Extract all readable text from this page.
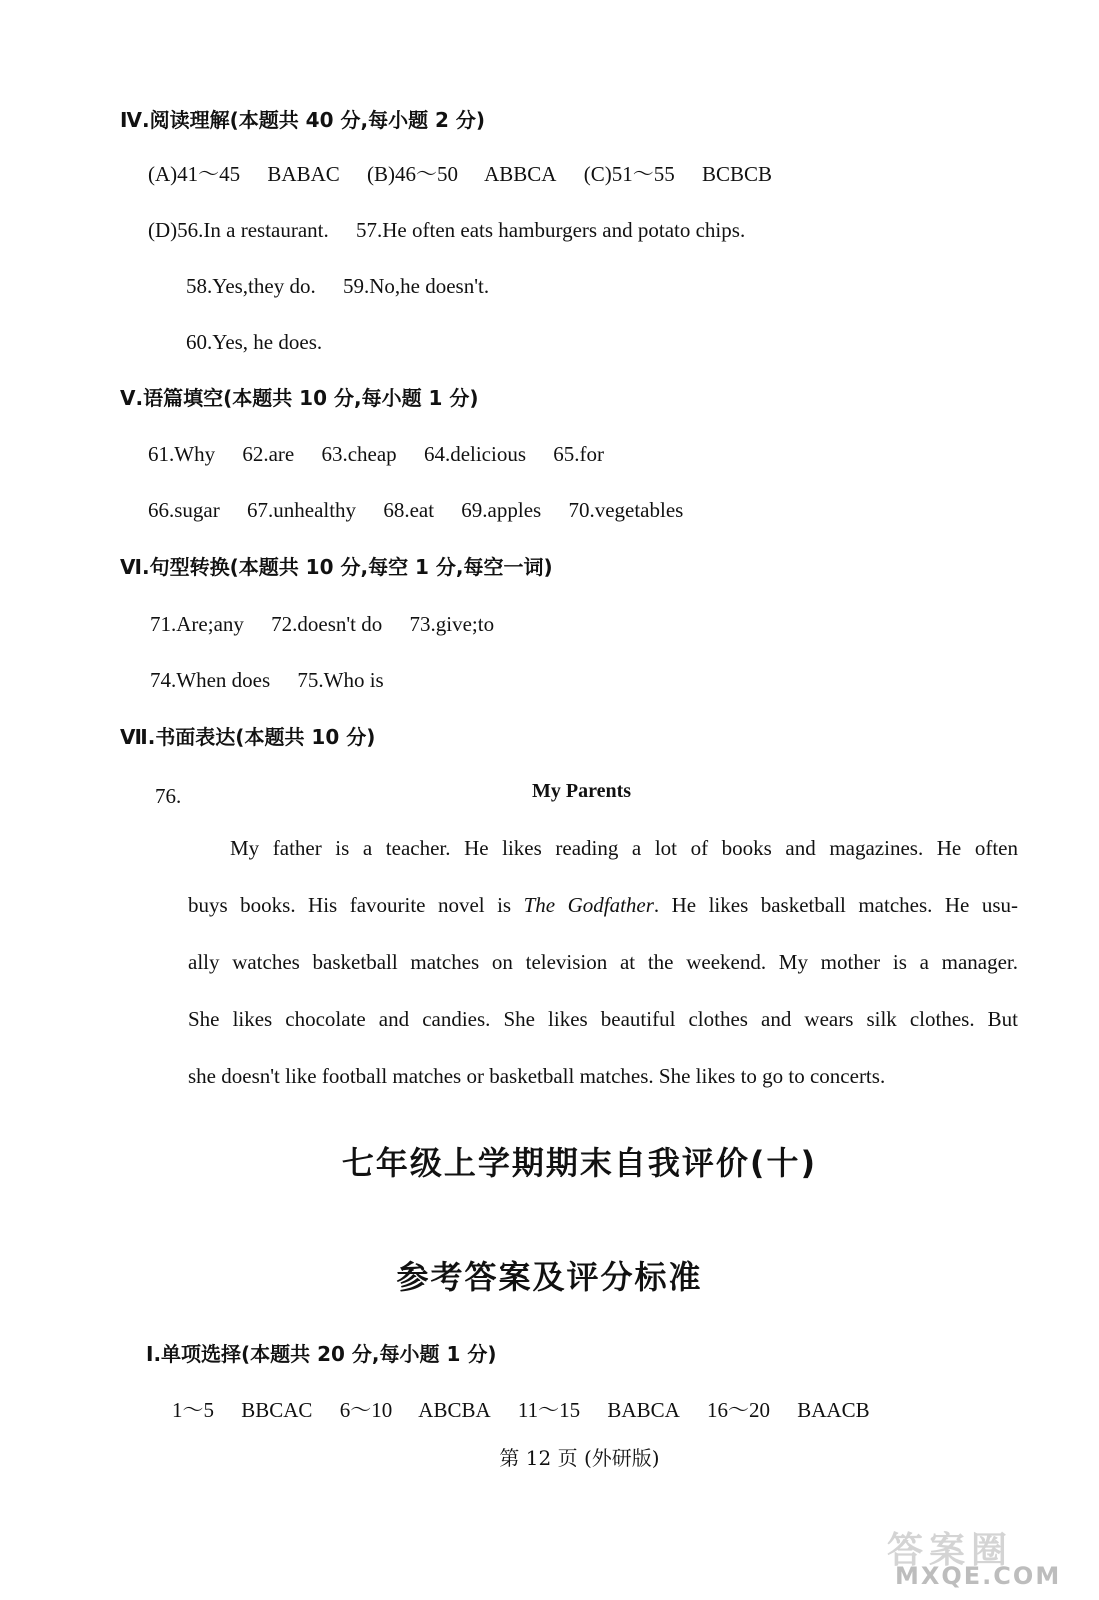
Ⅳ.阅读理解(本题共 40 分,每小题 2 分)
(A)41～45 BABAC (B)46～50 ABBCA (C)51～55 BCBCB
(D)56.In a restaurant. 57.He often eats hamburgers and potato chips.
58.Yes,they do. 59.No,he doesn't.
60.Yes, he does.
Ⅴ.语篇填空(本题共 10 分,每小题 1 分)
61.Why 62.are 63.cheap 64.delicious 65.for
66.sugar 67.unhealthy 68.eat 69.apples 70.vegetables
Ⅵ.句型转换(本题共 10 分,每空 1 分,每空一词)
71.Are;any 72.doesn't do 73.give;to
74.When does 75.Who is
Ⅶ.书面表达(本题共 10 分)
76.	My Parents
My father is a teacher. He likes reading a lot of books and magazines. He often
buys books. His favourite novel is The Godfather. He likes basketball matches. He usu-
ally watches basketball matches on television at the weekend. My mother is a manager.
She likes chocolate and candies. She likes beautiful clothes and wears silk clothes. But
she doesn't like football matches or basketball matches. She likes to go to concerts.
七年级上学期期末自我评价(十)
参考答案及评分标准
Ⅰ.单项选择(本题共 20 分,每小题 1 分)
1～5 BBCAC 6～10 ABCBA 11～15 BABCA 16～20 BAACB
第 12 页 (外研版)
答案圈
MXQE.COM
